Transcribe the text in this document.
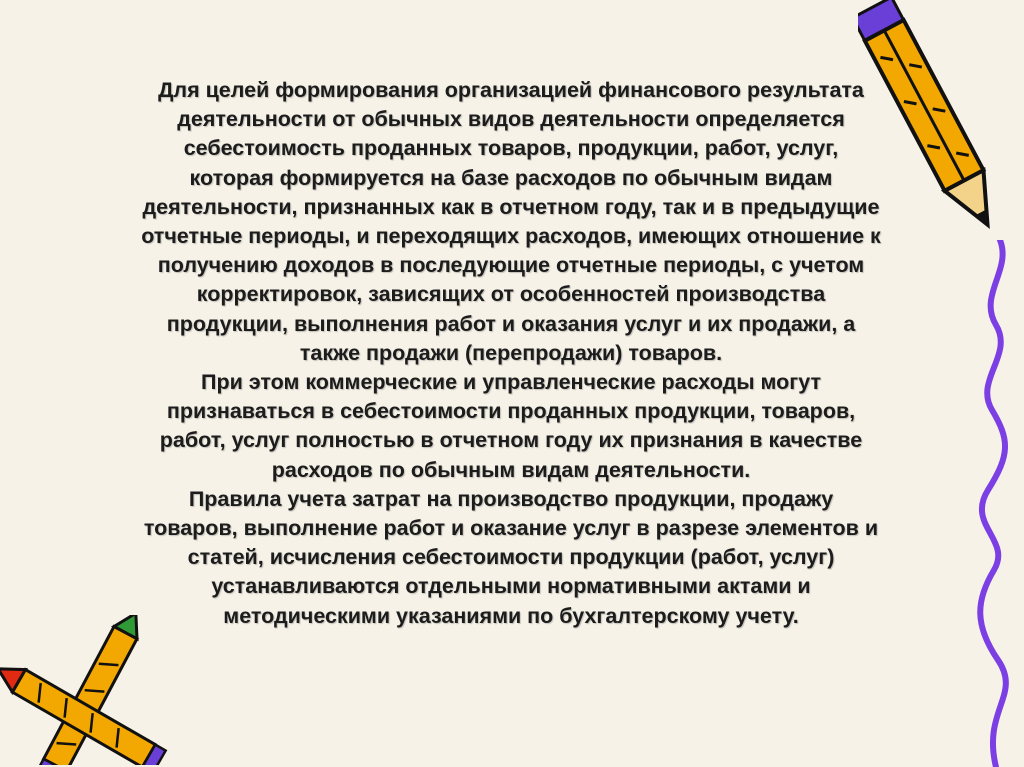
Для целей формирования организацией финансового результата
деятельности от обычных видов деятельности определяется
себестоимость проданных товаров, продукции, работ, услуг,
которая формируется на базе расходов по обычным видам
деятельности, признанных как в отчетном году, так и в предыдущие
отчетные периоды, и переходящих расходов, имеющих отношение к
получению доходов в последующие отчетные периоды, с учетом
корректировок, зависящих от особенностей производства
продукции, выполнения работ и оказания услуг и их продажи, а
также продажи (перепродажи) товаров.
При этом коммерческие и управленческие расходы могут
признаваться в себестоимости проданных продукции, товаров,
работ, услуг полностью в отчетном году их признания в качестве
расходов по обычным видам деятельности.
Правила учета затрат на производство продукции, продажу
товаров, выполнение работ и оказание услуг в разрезе элементов и
статей, исчисления себестоимости продукции (работ, услуг)
устанавливаются отдельными нормативными актами и
методическими указаниями по бухгалтерскому учету.
